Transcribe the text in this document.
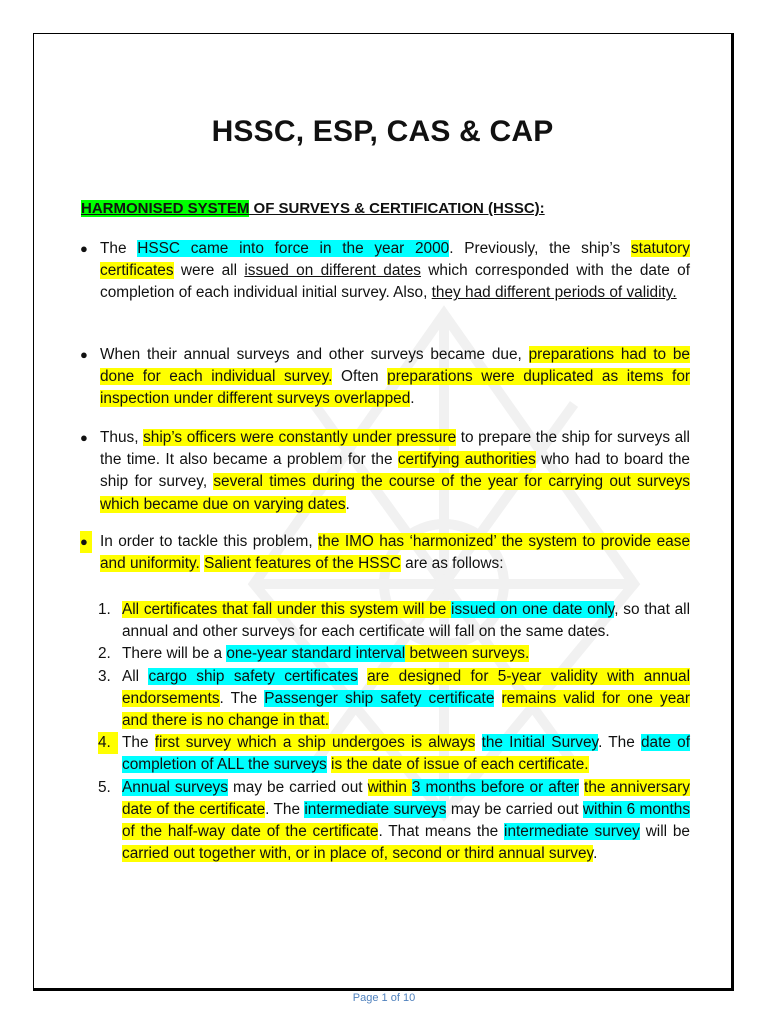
HSSC, ESP, CAS & CAP

HARMONISED SYSTEM OF SURVEYS & CERTIFICATION (HSSC):

● The HSSC came into force in the year 2000. Previously, the ship’s statutory certificates were all issued on different dates which corresponded with the date of completion of each individual initial survey. Also, they had different periods of validity.

● When their annual surveys and other surveys became due, preparations had to be done for each individual survey. Often preparations were duplicated as items for inspection under different surveys overlapped.

● Thus, ship’s officers were constantly under pressure to prepare the ship for surveys all the time. It also became a problem for the certifying authorities who had to board the ship for survey, several times during the course of the year for carrying out surveys which became due on varying dates.

● In order to tackle this problem, the IMO has ‘harmonized’ the system to provide ease and uniformity. Salient features of the HSSC are as follows:

1. All certificates that fall under this system will be issued on one date only, so that all annual and other surveys for each certificate will fall on the same dates.
2. There will be a one-year standard interval between surveys.
3. All cargo ship safety certificates are designed for 5-year validity with annual endorsements. The Passenger ship safety certificate remains valid for one year and there is no change in that.
4. The first survey which a ship undergoes is always the Initial Survey. The date of completion of ALL the surveys is the date of issue of each certificate.
5. Annual surveys may be carried out within 3 months before or after the anniversary date of the certificate. The intermediate surveys may be carried out within 6 months of the half-way date of the certificate. That means the intermediate survey will be carried out together with, or in place of, second or third annual survey.
Page 1 of 10
